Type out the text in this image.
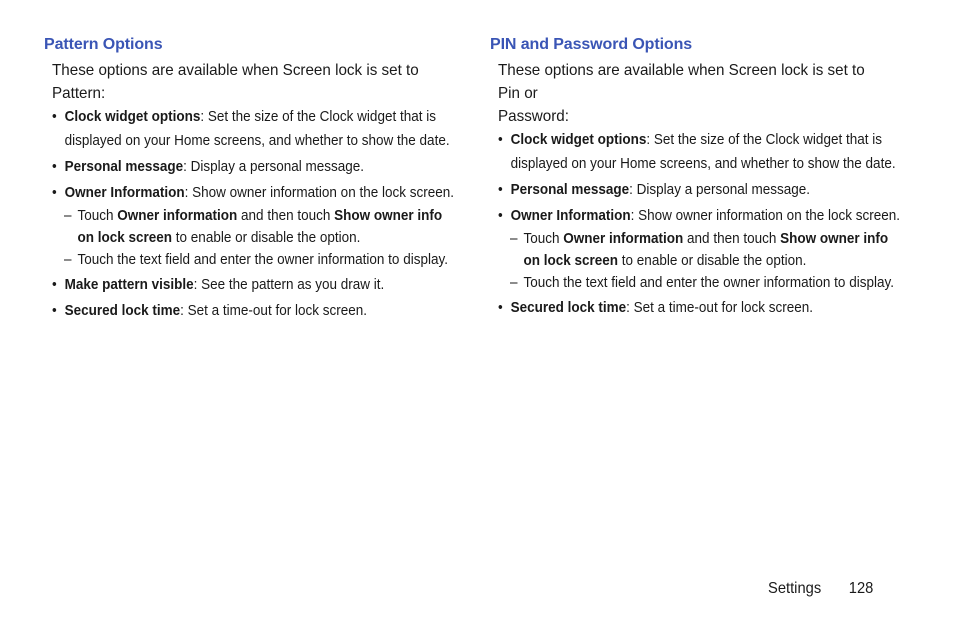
Pattern Options
These options are available when Screen lock is set to
Pattern:
• Clock widget options: Set the size of the Clock widget that is
displayed on your Home screens, and whether to show the date.
• Personal message: Display a personal message.
• Owner Information: Show owner information on the lock screen.
– Touch Owner information and then touch Show owner info
on lock screen to enable or disable the option.
– Touch the text field and enter the owner information to display.
• Make pattern visible: See the pattern as you draw it.
• Secured lock time: Set a time-out for lock screen.
PIN and Password Options
These options are available when Screen lock is set to Pin or
Password:
• Clock widget options: Set the size of the Clock widget that is
displayed on your Home screens, and whether to show the date.
• Personal message: Display a personal message.
• Owner Information: Show owner information on the lock screen.
– Touch Owner information and then touch Show owner info
on lock screen to enable or disable the option.
– Touch the text field and enter the owner information to display.
• Secured lock time: Set a time-out for lock screen.
Settings 128
